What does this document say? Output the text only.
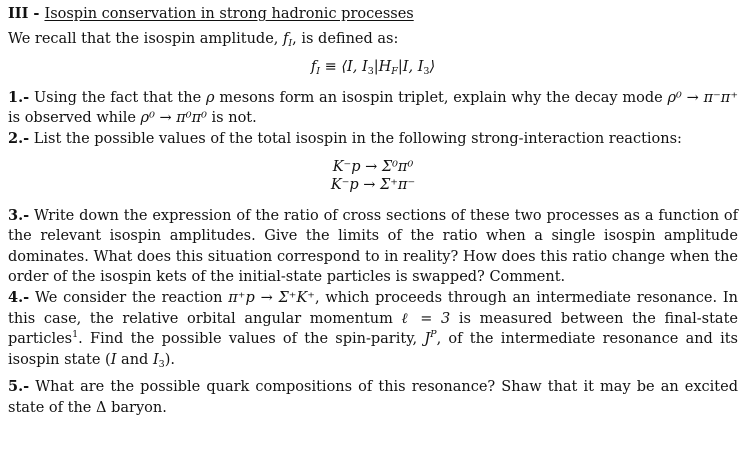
III - Isospin conservation in strong hadronic processes

We recall that the isospin amplitude, $f_I$, is defined as:

$f_I$ ≡ ⟨I, $I_3|H_F|I$, $I_3⟩$

1.- Using the fact that the ρ mesons form an isospin triplet, explain why the decay mode ρ⁰ → π⁻π⁺ is observed while ρ⁰ → π⁰π⁰ is not.

2.- List the possible values of the total isospin in the following strong-interaction reactions:

K⁻p → Σ⁰π⁰
K⁻p → Σ⁺π⁻

3.- Write down the expression of the ratio of cross sections of these two processes as a function of the relevant isospin amplitudes. Give the limits of the ratio when a single isospin amplitude dominates. What does this situation correspond to in reality? How does this ratio change when the order of the isospin kets of the initial-state particles is swapped? Comment.

4.- We consider the reaction π⁺p → Σ⁺K⁺, which proceeds through an intermediate resonance. In this case, the relative orbital angular momentum ℓ = 3 is measured between the final-state particles$^1$. Find the possible values of the spin-parity, $J^P$, of the intermediate resonance and its isospin state (I and $I_3$).

5.- What are the possible quark compositions of this resonance? Shaw that it may be an excited state of the Δ baryon.
